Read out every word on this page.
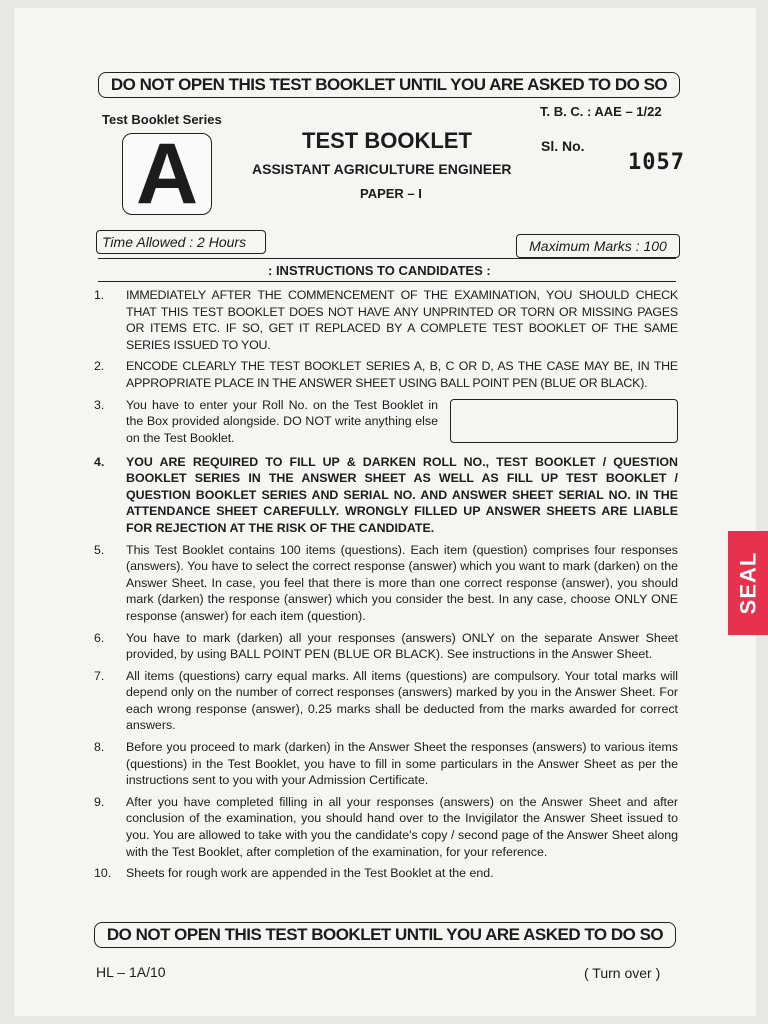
DO NOT OPEN THIS TEST BOOKLET UNTIL YOU ARE ASKED TO DO SO
Test Booklet Series
T. B. C. : AAE – 1/22
A	TEST BOOKLET	Sl. No.
1057
ASSISTANT AGRICULTURE ENGINEER
PAPER – I
Time Allowed : 2 Hours	Maximum Marks : 100
: INSTRUCTIONS TO CANDIDATES :
1. IMMEDIATELY AFTER THE COMMENCEMENT OF THE EXAMINATION, YOU SHOULD CHECK THAT THIS TEST BOOKLET DOES NOT HAVE ANY UNPRINTED OR TORN OR MISSING PAGES OR ITEMS ETC. IF SO, GET IT REPLACED BY A COMPLETE TEST BOOKLET OF THE SAME SERIES ISSUED TO YOU.
2. ENCODE CLEARLY THE TEST BOOKLET SERIES A, B, C OR D, AS THE CASE MAY BE, IN THE APPROPRIATE PLACE IN THE ANSWER SHEET USING BALL POINT PEN (BLUE OR BLACK).
3. You have to enter your Roll No. on the Test Booklet in the Box provided alongside. DO NOT write anything else on the Test Booklet.
4. YOU ARE REQUIRED TO FILL UP & DARKEN ROLL NO., TEST BOOKLET / QUESTION BOOKLET SERIES IN THE ANSWER SHEET AS WELL AS FILL UP TEST BOOKLET / QUESTION BOOKLET SERIES AND SERIAL NO. AND ANSWER SHEET SERIAL NO. IN THE ATTENDANCE SHEET CAREFULLY. WRONGLY FILLED UP ANSWER SHEETS ARE LIABLE FOR REJECTION AT THE RISK OF THE CANDIDATE.
5. This Test Booklet contains 100 items (questions). Each item (question) comprises four responses (answers). You have to select the correct response (answer) which you want to mark (darken) on the Answer Sheet. In case, you feel that there is more than one correct response (answer), you should mark (darken) the response (answer) which you consider the best. In any case, choose ONLY ONE response (answer) for each item (question).
6. You have to mark (darken) all your responses (answers) ONLY on the separate Answer Sheet provided, by using BALL POINT PEN (BLUE OR BLACK). See instructions in the Answer Sheet.
7. All items (questions) carry equal marks. All items (questions) are compulsory. Your total marks will depend only on the number of correct responses (answers) marked by you in the Answer Sheet. For each wrong response (answer), 0.25 marks shall be deducted from the marks awarded for correct answers.
8. Before you proceed to mark (darken) in the Answer Sheet the responses (answers) to various items (questions) in the Test Booklet, you have to fill in some particulars in the Answer Sheet as per the instructions sent to you with your Admission Certificate.
9. After you have completed filling in all your responses (answers) on the Answer Sheet and after conclusion of the examination, you should hand over to the Invigilator the Answer Sheet issued to you. You are allowed to take with you the candidate's copy / second page of the Answer Sheet along with the Test Booklet, after completion of the examination, for your reference.
10. Sheets for rough work are appended in the Test Booklet at the end.
DO NOT OPEN THIS TEST BOOKLET UNTIL YOU ARE ASKED TO DO SO
HL – 1A/10	( Turn over )
SEAL
